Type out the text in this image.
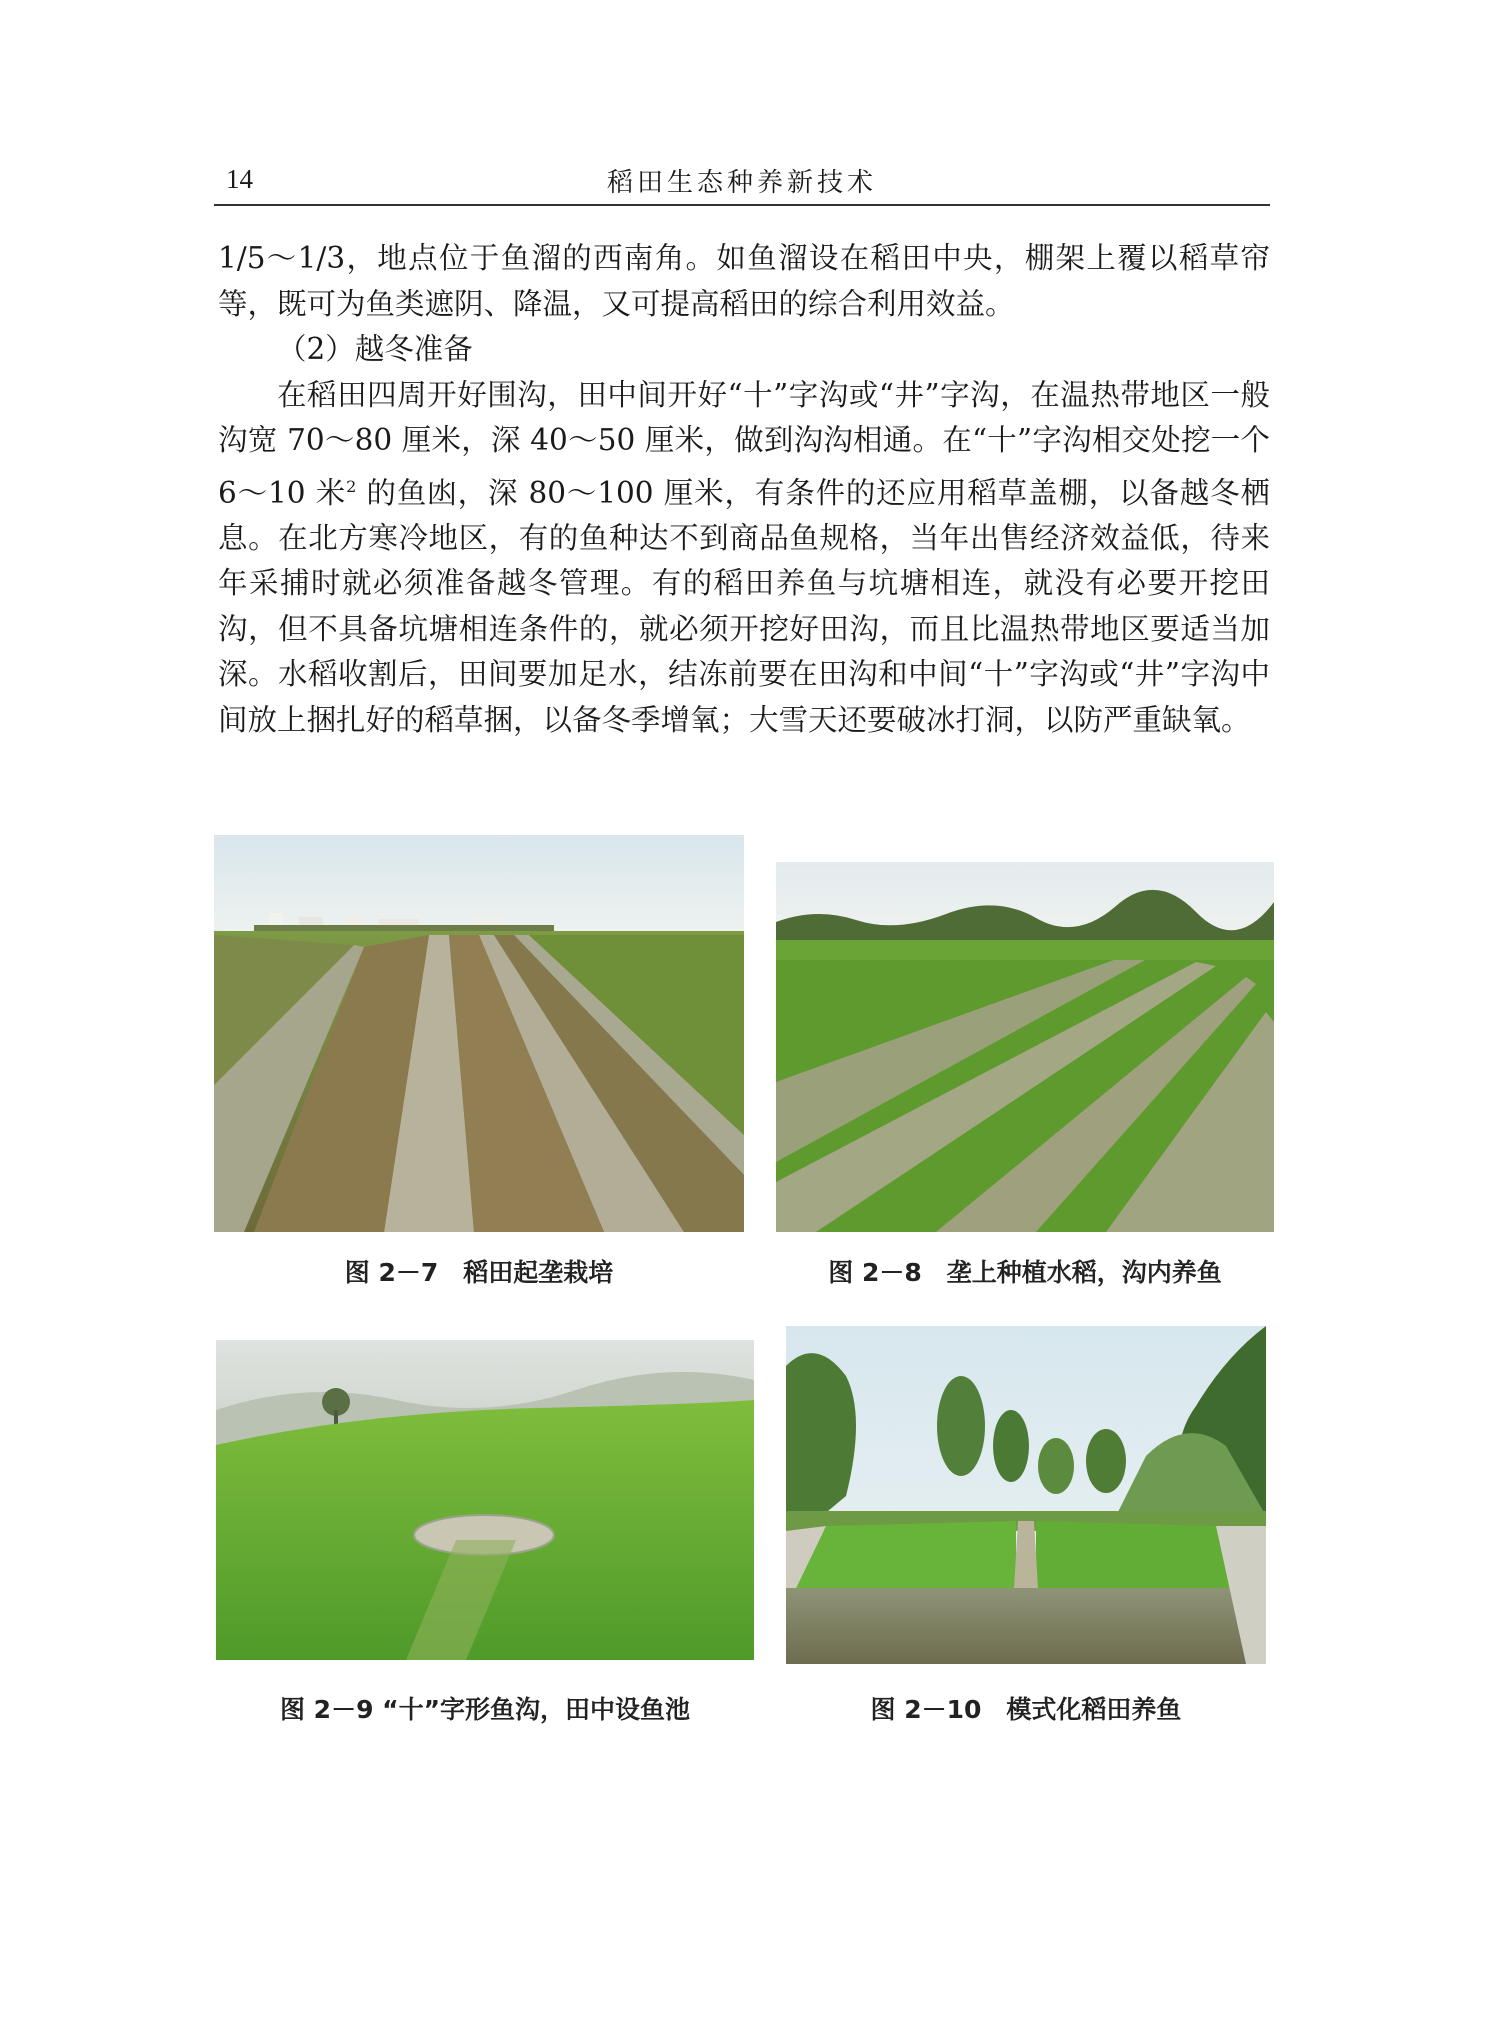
14	稻田生态种养新技术

1/5～1/3，地点位于鱼溜的西南角。如鱼溜设在稻田中央，棚架上覆以稻草帘等，既可为鱼类遮阴、降温，又可提高稻田的综合利用效益。

（2）越冬准备

在稻田四周开好围沟，田中间开好“十”字沟或“井”字沟，在温热带地区一般沟宽 70～80 厘米，深 40～50 厘米，做到沟沟相通。在“十”字沟相交处挖一个 6～10 米$^2$ 的鱼凼，深 80～100 厘米，有条件的还应用稻草盖棚，以备越冬栖息。在北方寒冷地区，有的鱼种达不到商品鱼规格，当年出售经济效益低，待来年采捕时就必须准备越冬管理。有的稻田养鱼与坑塘相连，就没有必要开挖田沟，但不具备坑塘相连条件的，就必须开挖好田沟，而且比温热带地区要适当加深。水稻收割后，田间要加足水，结冻前要在田沟和中间“十”字沟或“井”字沟中间放上捆扎好的稻草捆，以备冬季增氧；大雪天还要破冰打洞，以防严重缺氧。

图 2－7　稻田起垄栽培	图 2－8　垄上种植水稻，沟内养鱼
图 2－9 “十”字形鱼沟，田中设鱼池	图 2－10　模式化稻田养鱼
